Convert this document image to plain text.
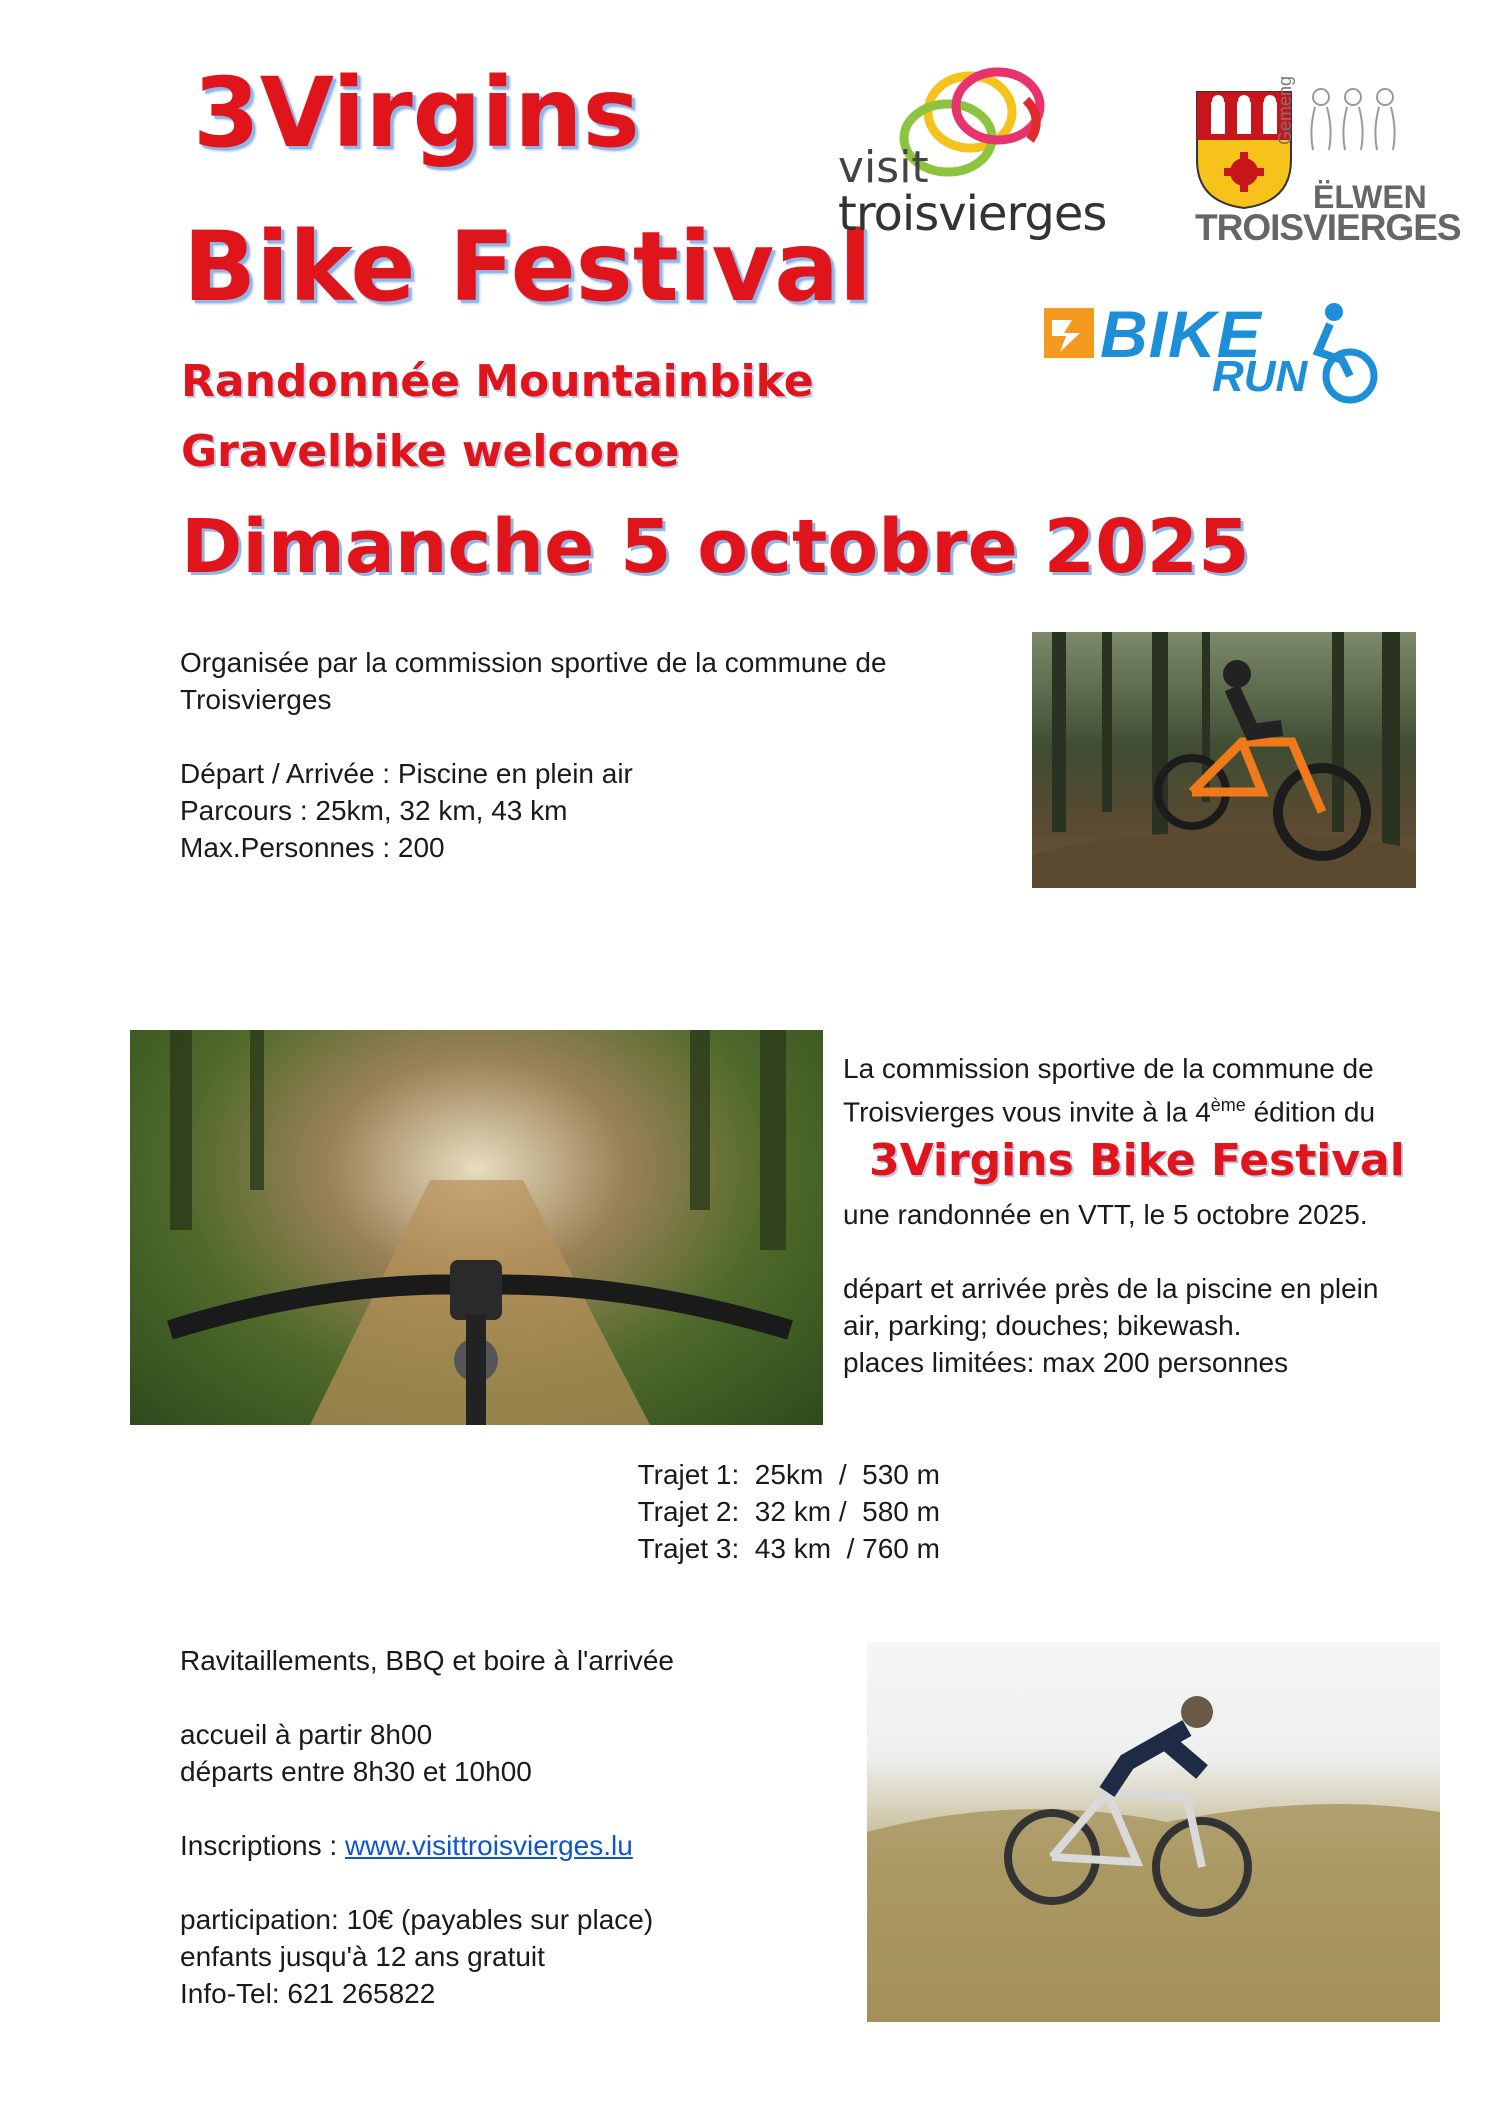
3Virgins
Bike Festival
Randonnée Mountainbike
Gravelbike welcome
Dimanche 5 octobre 2025
visit
troisvierges
Gemeng
ËLWEN
TROISVIERGES
BIKE
RUN

Organisée par la commission sportive de la commune de

Troisvierges

Départ / Arrivée : Piscine en plein air

Parcours : 25km, 32 km, 43 km

Max.Personnes : 200

La commission sportive de la commune de

Troisvierges vous invite à la 4ème édition du

3Virgins Bike Festival

une randonnée en VTT, le 5 octobre 2025.

départ et arrivée près de la piscine en plein

air, parking; douches; bikewash.

places limitées: max 200 personnes

Trajet 1:  25km  /  530 m
Trajet 2:  32 km /  580 m
Trajet 3:  43 km  / 760 m

Ravitaillements, BBQ et boire à l'arrivée

accueil à partir 8h00

départs entre 8h30 et 10h00

Inscriptions : www.visittroisvierges.lu

participation: 10€ (payables sur place)

enfants jusqu'à 12 ans gratuit

Info-Tel: 621 265822
